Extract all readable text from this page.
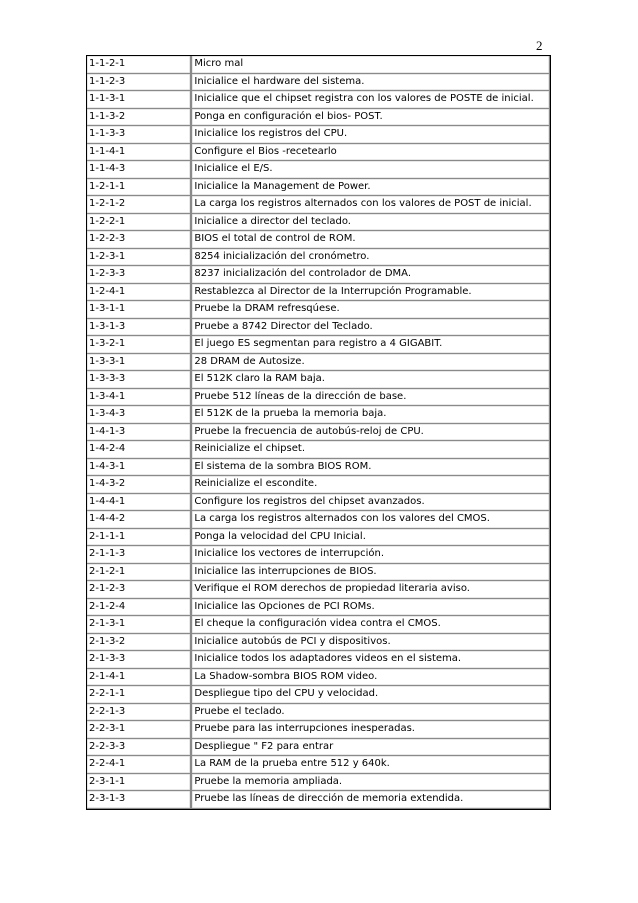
2
1-1-2-1	Micro mal
1-1-2-3	Inicialice el hardware del sistema.
1-1-3-1	Inicialice que el chipset registra con los valores de POSTE de inicial.
1-1-3-2	Ponga en configuración el bios- POST.
1-1-3-3	Inicialice los registros del CPU.
1-1-4-1	Configure el Bios -recetearlo
1-1-4-3	Inicialice el E/S.
1-2-1-1	Inicialice la Management de Power.
1-2-1-2	La carga los registros alternados con los valores de POST de inicial.
1-2-2-1	Inicialice a director del teclado.
1-2-2-3	BIOS el total de control de ROM.
1-2-3-1	8254 inicialización del cronómetro.
1-2-3-3	8237 inicialización del controlador de DMA.
1-2-4-1	Restablezca al Director de la Interrupción Programable.
1-3-1-1	Pruebe la DRAM refresqúese.
1-3-1-3	Pruebe a 8742 Director del Teclado.
1-3-2-1	El juego ES segmentan para registro a 4 GIGABIT.
1-3-3-1	28 DRAM de Autosize.
1-3-3-3	El 512K claro la RAM baja.
1-3-4-1	Pruebe 512 líneas de la dirección de base.
1-3-4-3	El 512K de la prueba la memoria baja.
1-4-1-3	Pruebe la frecuencia de autobús-reloj de CPU.
1-4-2-4	Reinicialize el chipset.
1-4-3-1	El sistema de la sombra BIOS ROM.
1-4-3-2	Reinicialize el escondite.
1-4-4-1	Configure los registros del chipset avanzados.
1-4-4-2	La carga los registros alternados con los valores del CMOS.
2-1-1-1	Ponga la velocidad del CPU Inicial.
2-1-1-3	Inicialice los vectores de interrupción.
2-1-2-1	Inicialice las interrupciones de BIOS.
2-1-2-3	Verifique el ROM derechos de propiedad literaria aviso.
2-1-2-4	Inicialice las Opciones de PCI ROMs.
2-1-3-1	El cheque la configuración videa contra el CMOS.
2-1-3-2	Inicialice autobús de PCI y dispositivos.
2-1-3-3	Inicialice todos los adaptadores videos en el sistema.
2-1-4-1	La Shadow-sombra BIOS ROM video.
2-2-1-1	Despliegue tipo del CPU y velocidad.
2-2-1-3	Pruebe el teclado.
2-2-3-1	Pruebe para las interrupciones inesperadas.
2-2-3-3	Despliegue " F2 para entrar
2-2-4-1	La RAM de la prueba entre 512 y 640k.
2-3-1-1	Pruebe la memoria ampliada.
2-3-1-3	Pruebe las líneas de dirección de memoria extendida.
